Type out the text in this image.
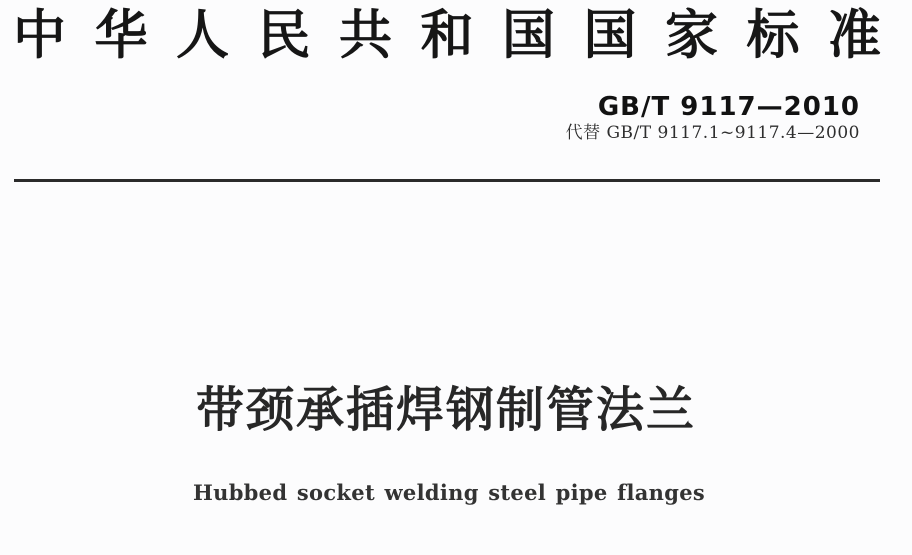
中 华 人 民 共 和 国 国 家 标 准
GB/T 9117—2010
代替 GB/T 9117.1~9117.4—2000
带颈承插焊钢制管法兰
Hubbed socket welding steel pipe flanges
